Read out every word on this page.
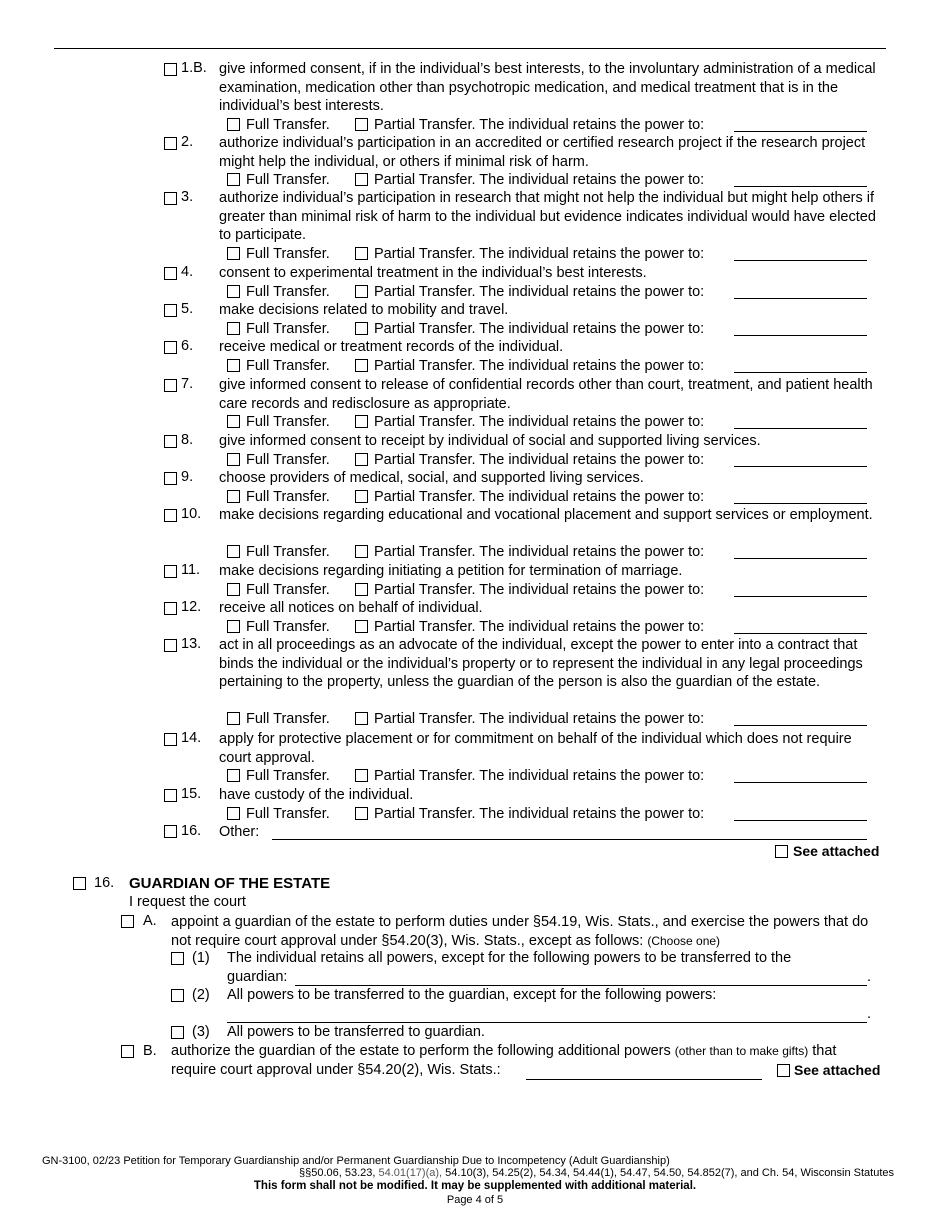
1.B. give informed consent, if in the individual’s best interests, to the involuntary administration of a medical examination, medication other than psychotropic medication, and medical treatment that is in the individual’s best interests.
Full Transfer.	Partial Transfer. The individual retains the power to:
2. authorize individual’s participation in an accredited or certified research project if the research project might help the individual, or others if minimal risk of harm.
Full Transfer.	Partial Transfer. The individual retains the power to:
3. authorize individual’s participation in research that might not help the individual but might help others if greater than minimal risk of harm to the individual but evidence indicates individual would have elected to participate.
Full Transfer.	Partial Transfer. The individual retains the power to:
4. consent to experimental treatment in the individual’s best interests.
Full Transfer.	Partial Transfer. The individual retains the power to:
5. make decisions related to mobility and travel.
Full Transfer.	Partial Transfer. The individual retains the power to:
6. receive medical or treatment records of the individual.
Full Transfer.	Partial Transfer. The individual retains the power to:
7. give informed consent to release of confidential records other than court, treatment, and patient health care records and redisclosure as appropriate.
Full Transfer.	Partial Transfer. The individual retains the power to:
8. give informed consent to receipt by individual of social and supported living services.
Full Transfer.	Partial Transfer. The individual retains the power to:
9. choose providers of medical, social, and supported living services.
Full Transfer.	Partial Transfer. The individual retains the power to:
10. make decisions regarding educational and vocational placement and support services or employment.
Full Transfer.	Partial Transfer. The individual retains the power to:
11. make decisions regarding initiating a petition for termination of marriage.
Full Transfer.	Partial Transfer. The individual retains the power to:
12. receive all notices on behalf of individual.
Full Transfer.	Partial Transfer. The individual retains the power to:
13. act in all proceedings as an advocate of the individual, except the power to enter into a contract that binds the individual or the individual’s property or to represent the individual in any legal proceedings pertaining to the property, unless the guardian of the person is also the guardian of the estate.
Full Transfer.	Partial Transfer. The individual retains the power to:
14. apply for protective placement or for commitment on behalf of the individual which does not require court approval.
Full Transfer.	Partial Transfer. The individual retains the power to:
15. have custody of the individual.
Full Transfer.	Partial Transfer. The individual retains the power to:
16. Other:
See attached
16. GUARDIAN OF THE ESTATE
I request the court
A. appoint a guardian of the estate to perform duties under §54.19, Wis. Stats., and exercise the powers that do not require court approval under §54.20(3), Wis. Stats., except as follows: (Choose one)
(1) The individual retains all powers, except for the following powers to be transferred to the
guardian:	.
(2) All powers to be transferred to the guardian, except for the following powers:
.
(3) All powers to be transferred to guardian.
B. authorize the guardian of the estate to perform the following additional powers (other than to make gifts) that
require court approval under §54.20(2), Wis. Stats.:	See attached
GN-3100, 02/23 Petition for Temporary Guardianship and/or Permanent Guardianship Due to Incompetency (Adult Guardianship)
§§50.06, 53.23, 54.01(17)(a), 54.10(3), 54.25(2), 54.34, 54.44(1), 54.47, 54.50, 54.852(7), and Ch. 54, Wisconsin Statutes
This form shall not be modified. It may be supplemented with additional material.
Page 4 of 5
